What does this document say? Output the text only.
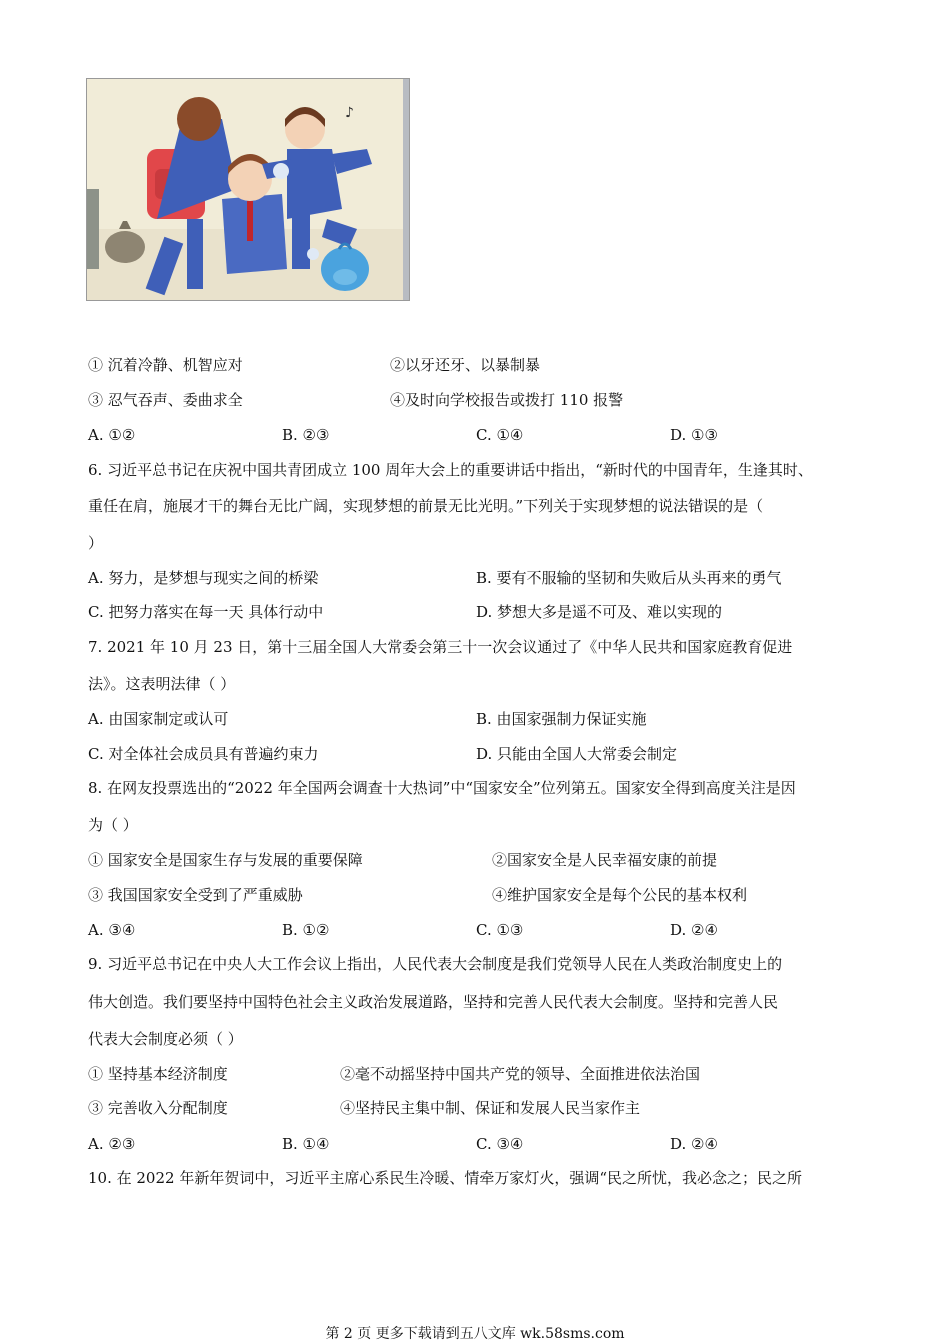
♪
① 沉着冷静、机智应对	②以牙还牙、以暴制暴
③ 忍气吞声、委曲求全	④及时向学校报告或拨打 110 报警
A. ①②	B. ②③	C. ①④	D. ①③
6. 习近平总书记在庆祝中国共青团成立 100 周年大会上的重要讲话中指出，“新时代的中国青年，生逢其时、
重任在肩，施展才干的舞台无比广阔，实现梦想的前景无比光明。”下列关于实现梦想的说法错误的是（
）
A. 努力，是梦想与现实之间的桥梁	B. 要有不服输的坚韧和失败后从头再来的勇气
C. 把努力落实在每一天 具体行动中	D. 梦想大多是遥不可及、难以实现的
7. 2021 年 10 月 23 日，第十三届全国人大常委会第三十一次会议通过了《中华人民共和国家庭教育促进
法》。这表明法律（ ）
A. 由国家制定或认可	B. 由国家强制力保证实施
C. 对全体社会成员具有普遍约束力	D. 只能由全国人大常委会制定
8. 在网友投票选出的“2022 年全国两会调查十大热词”中“国家安全”位列第五。国家安全得到高度关注是因
为（ ）
① 国家安全是国家生存与发展的重要保障	②国家安全是人民幸福安康的前提
③ 我国国家安全受到了严重威胁	④维护国家安全是每个公民的基本权利
A. ③④	B. ①②	C. ①③	D. ②④
9. 习近平总书记在中央人大工作会议上指出，人民代表大会制度是我们党领导人民在人类政治制度史上的
伟大创造。我们要坚持中国特色社会主义政治发展道路，坚持和完善人民代表大会制度。坚持和完善人民
代表大会制度必须（ ）
① 坚持基本经济制度	②毫不动摇坚持中国共产党的领导、全面推进依法治国
③ 完善收入分配制度	④坚持民主集中制、保证和发展人民当家作主
A. ②③	B. ①④	C. ③④	D. ②④
10. 在 2022 年新年贺词中，习近平主席心系民生冷暖、情牵万家灯火，强调“民之所忧，我必念之；民之所
第 2 页 更多下载请到五八文库 wk.58sms.com
